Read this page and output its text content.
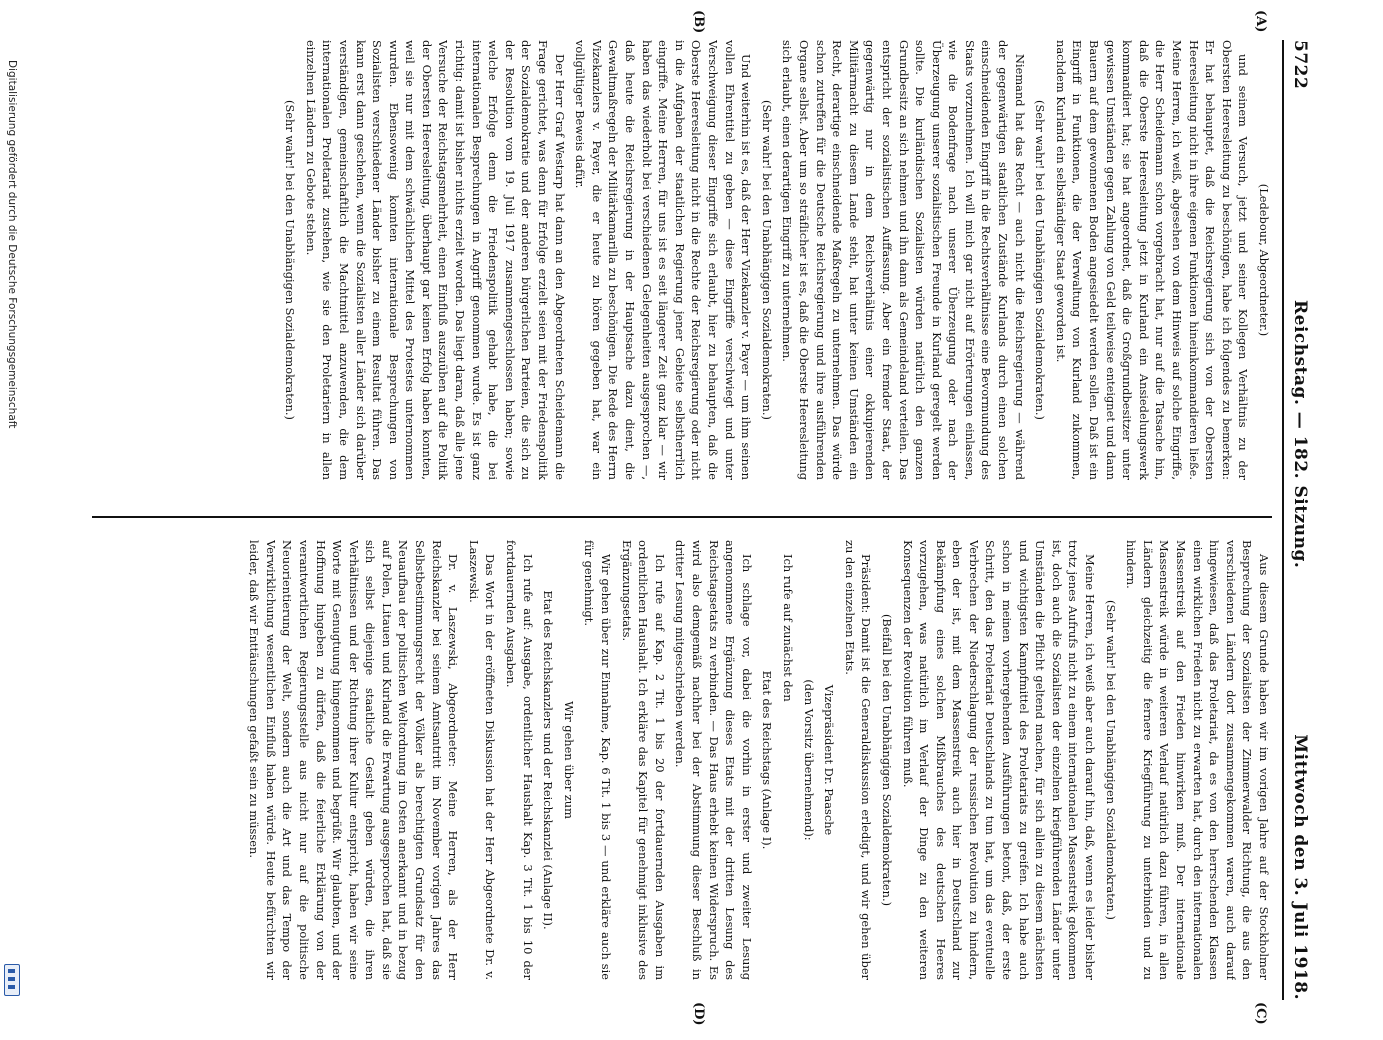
Digitalisierung gefördert durch die Deutsche Forschungsgemeinschaft	5722
Reichstag. — 182. Sitzung.
Mittwoch den 3. Juli 1918.
(A)
(B)
(C)
(D)

(Ledebour, Abgeordneter.)

und seinem Versuch, jetzt und seiner Kollegen Verhältnis zu der Obersten Heeresleitung zu beschönigen, habe ich folgendes zu bemerken: Er hat behauptet, daß die Reichsregierung sich von der Obersten Heeresleitung nicht in ihre eigenen Funktionen hineinkommandieren ließe. Meine Herren, ich weiß, abgesehen von dem Hinweis auf solche Eingriffe, die Herr Scheidemann schon vorgebracht hat, nur auf die Tatsache hin, daß die Oberste Heeresleitung jetzt in Kurland ein Ansiedelungswerk kommandiert hat; sie hat angeordnet, daß die Großgrundbesitzer unter gewissen Umständen gegen Zahlung von Geld teilweise enteignet und dann Bauern auf dem gewonnenen Boden angesiedelt werden sollen. Daß ist ein Eingriff in Funktionen, die der Verwaltung von Kurland zukommen, nachdem Kurland ein selbständiger Staat geworden ist.

(Sehr wahr! bei den Unabhängigen Sozialdemokraten.)

Niemand hat das Recht — auch nicht die Reichsregierung — während der gegenwärtigen staatlichen Zustände Kurlands durch einen solchen einschneidenden Eingriff in die Rechtsverhältnisse eine Bevormundung des Staats vorzunehmen. Ich will mich gar nicht auf Erörterungen einlassen, wie die Bodenfrage nach unserer Überzeugung oder nach der Überzeugung unserer sozialistischen Freunde in Kurland geregelt werden sollte. Die kurländischen Sozialisten würden natürlich den ganzen Grundbesitz an sich nehmen und ihn dann als Gemeindeland verteilen. Das entspricht der sozialistischen Auffassung. Aber ein fremder Staat, der gegenwärtig nur in dem Reichsverhältnis einer okkupierenden Militärmacht zu diesem Lande steht, hat unter keinen Umständen ein Recht, derartige einschneidende Maßregeln zu unternehmen. Das würde schon zutreffen für die Deutsche Reichsregierung und ihre ausführenden Organe selbst. Aber um so sträflicher ist es, daß die Oberste Heeresleitung sich erlaubt, einen derartigen Eingriff zu unternehmen.

(Sehr wahr! bei den Unabhängigen Sozialdemokraten.)

Und weiterhin ist es, daß der Herr Vizekanzler v. Payer — um ihm seinen vollen Ehrentitel zu geben — diese Eingriffe verschwiegt und unter Verschweigung dieser Eingriffe sich erlaubt, hier zu behaupten, daß die Oberste Heeresleitung nicht in die Rechte der Reichsregierung oder nicht in die Aufgaben der staatlichen Regierung jener Gebiete selbstherrlich eingriffe. Meine Herren, für uns ist es seit längerer Zeit ganz klar — wir haben das wiederholt bei verschiedenen Gelegenheiten ausgesprochen —, daß heute die Reichsregierung in der Hauptsache dazu dient, die Gewaltmaßregeln der Militärkamarilla zu beschönigen. Die Rede des Herrn Vizekanzlers v. Payer, die er heute zu hören gegeben hat, war ein vollgültiger Beweis dafür.

Der Herr Graf Westarp hat dann an den Abgeordneten Scheidemann die Frage gerichtet, was denn für Erfolge erzielt seien mit der Friedenspolitik der Sozialdemokratie und der anderen bürgerlichen Parteien, die sich zu der Resolution vom 19. Juli 1917 zusammengeschlossen haben; sowie welche Erfolge denn die Friedenspolitik gehabt habe, die bei internationalen Besprechungen in Angriff genommen wurde. Es ist ganz richtig: damit ist bisher nichts erzielt worden. Das liegt daran, daß alle jene Versuche der Reichstagsmehrheit, einen Einfluß auszuüben auf die Politik der Obersten Heeresleitung, überhaupt gar keinen Erfolg haben konnten, weil sie nur mit dem schwächlichen Mittel des Protestes unternommen wurden. Ebensowenig konnten internationale Besprechungen von Sozialisten verschiedener Länder bisher zu einem Resultat führen. Das kann erst dann geschehen, wenn die Sozialisten aller Länder sich darüber verständigen, gemeinschaftlich die Machtmittel anzuwenden, die dem internationalen Proletariat zustehen, wie sie den Proletariern in allen einzelnen Ländern zu Gebote stehen.

(Sehr wahr! bei den Unabhängigen Sozialdemokraten.)

Aus diesem Grunde haben wir im vorigen Jahre auf der Stockholmer Besprechung der Sozialisten der Zimmerwalder Richtung, die aus den verschiedenen Ländern dort zusammengekommen waren, auch darauf hingewiesen, daß das Proletariat, da es von den herrschenden Klassen einen wirklichen Frieden nicht zu erwarten hat, durch den internationalen Massenstreik auf den Frieden hinwirken muß. Der internationale Massenstreik würde in weiteren Verlauf natürlich dazu führen, in allen Ländern gleichzeitig die fernere Kriegführung zu unterbinden und zu hindern.

(Sehr wahr! bei den Unabhängigen Sozialdemokraten.)

Meine Herren, ich weiß aber auch darauf hin, daß, wenn es leider bisher trotz jenes Aufrufs nicht zu einem internationalen Massenstreik gekommen ist, doch auch die Sozialisten der einzelnen kriegführenden Länder unter Umständen die Pflicht geltend machen, für sich allein zu diesem nächsten und wichtigsten Kampfmittel des Proletariats zu greifen. Ich habe auch schon in meinen vorhergehenden Ausführungen betont, daß, der erste Schritt, den das Proletariat Deutschlands zu tun hat, um das eventuelle Verbrechen der Niederschlagung der russischen Revolution zu hindern, eben der ist, mit dem Massenstreik auch hier in Deutschland zur Bekämpfung eines solchen Mißbrauches des deutschen Heeres vorzugehen, was natürlich im Verlauf der Dinge zu den weiteren Konsequenzen der Revolution führen muß.

(Beifall bei den Unabhängigen Sozialdemokraten.)

Präsident: Damit ist die Generaldiskussion erledigt, und wir gehen über zu den einzelnen Etats.

Vizepräsident Dr. Paasche

(den Vorsitz übernehmend):

Ich rufe auf zunächst den

Etat des Reichstags (Anlage I).

Ich schlage vor, dabei die vorhin in erster und zweiter Lesung angenommene Ergänzung dieses Etats mit der dritten Lesung des Reichstagsetats zu verbinden. — Das Haus erhebt keinen Widerspruch. Es wird also demgemäß nachher bei der Abstimmung dieser Beschluß in dritter Lesung mitgeschrieben werden.

Ich rufe auf Kap. 2 Tit. 1 bis 20 der fortdauernden Ausgaben im ordentlichen Haushalt. Ich erkläre das Kapitel für genehmigt inklusive des Ergänzungsetats.

Wir gehen über zur Einnahme, Kap. 6 Tit. 1 bis 3 — und erkläre auch sie für genehmigt.

Wir gehen über zum

Etat des Reichskanzlers und der Reichskanzlei (Anlage II).

Ich rufe auf: Ausgabe, ordentlicher Haushalt Kap. 3 Tit. 1 bis 10 der fortdauernden Ausgaben.

Das Wort in der eröffneten Diskussion hat der Herr Abgeordnete Dr. v. Laszewski.

Dr. v. Laszewski, Abgeordneter: Meine Herren, als der Herr Reichskanzler bei seinem Amtsantritt im November vorigen Jahres das Selbstbestimmungsrecht der Völker als berechtigten Grundsatz für den Neuaufbau der politischen Weltordnung im Osten anerkannt und in bezug auf Polen, Litauen und Kurland die Erwartung ausgesprochen hat, daß sie sich selbst diejenige staatliche Gestalt geben würden, die ihren Verhältnissen und der Richtung ihrer Kultur entspricht, haben wir seine Worte mit Genugtuung hingenommen und begrüßt. Wir glaubten, und der Hoffnung hingeben zu dürfen, daß die feierliche Erklärung von der verantwortlichen Regierungsstelle aus nicht nur auf die politische Neuorientierung der Welt, sondern auch die Art und das Tempo der Verwirklichung wesentlichen Einfluß haben würde. Heute befürchten wir leider, daß wir Enttäuschungen gefaßt sein zu müssen.
